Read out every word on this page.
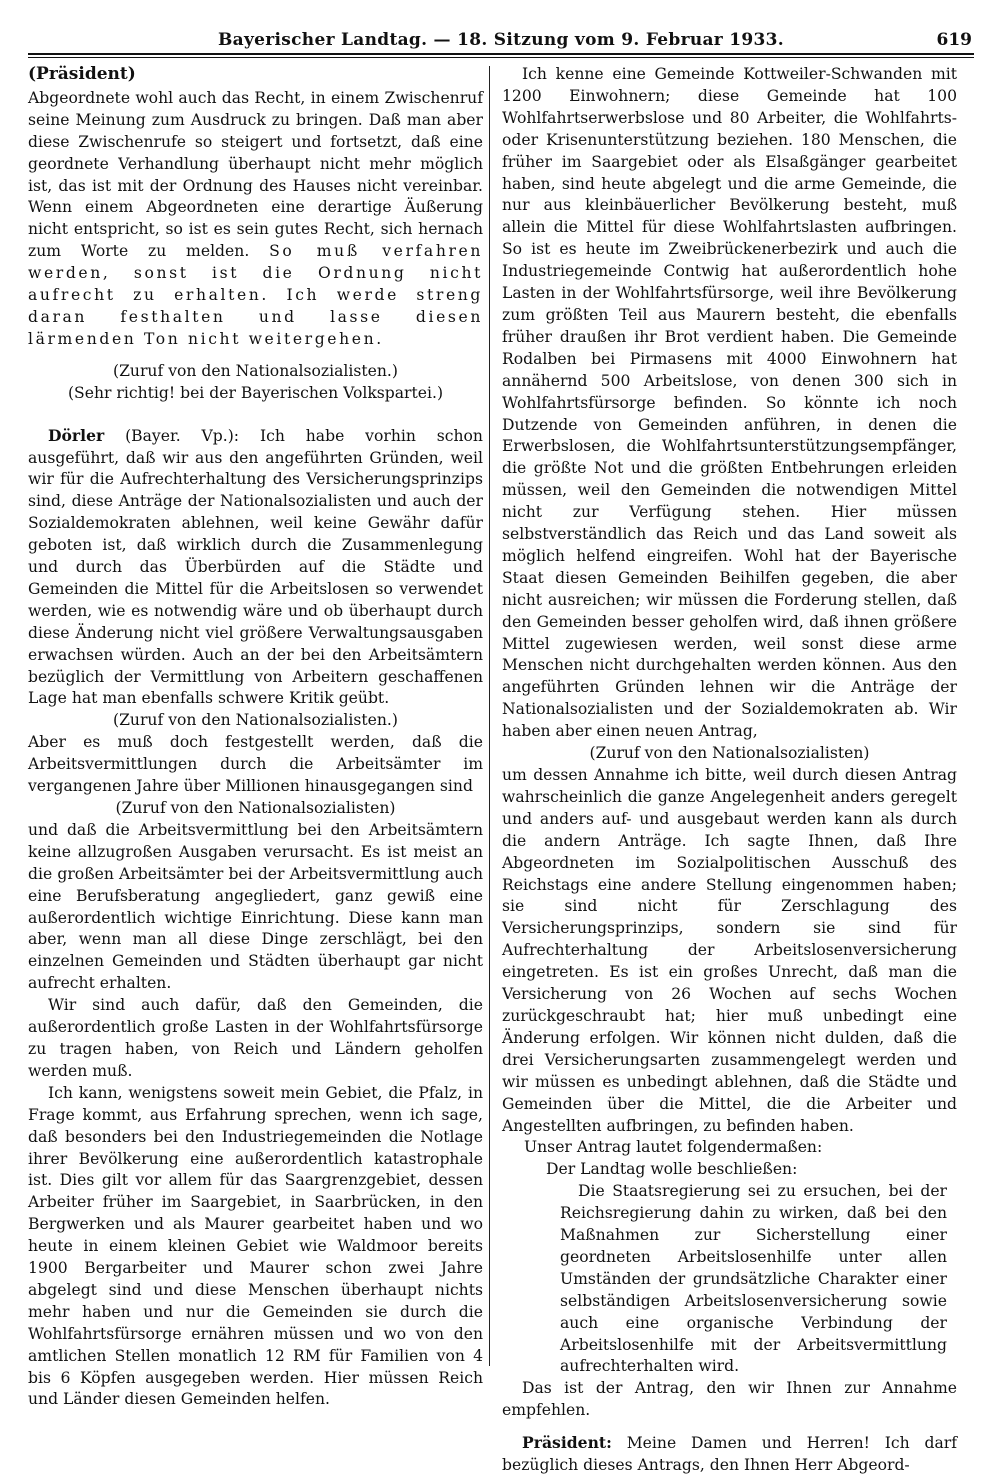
Bayerischer Landtag. — 18. Sitzung vom 9. Februar 1933.	619

(Präsident)

Abgeordnete wohl auch das Recht, in einem Zwischenruf seine Meinung zum Ausdruck zu bringen. Daß man aber diese Zwischenrufe so steigert und fortsetzt, daß eine geordnete Verhandlung überhaupt nicht mehr möglich ist, das ist mit der Ordnung des Hauses nicht vereinbar. Wenn einem Abgeordneten eine derartige Äußerung nicht entspricht, so ist es sein gutes Recht, sich hernach zum Worte zu melden. So muß verfahren werden, sonst ist die Ordnung nicht aufrecht zu erhalten. Ich werde streng daran festhalten und lasse diesen lärmenden Ton nicht weitergehen.

(Zuruf von den Nationalsozialisten.)

(Sehr richtig! bei der Bayerischen Volkspartei.)

Dörler (Bayer. Vp.): Ich habe vorhin schon ausgeführt, daß wir aus den angeführten Gründen, weil wir für die Aufrechterhaltung des Versicherungsprinzips sind, diese Anträge der Nationalsozialisten und auch der Sozialdemokraten ablehnen, weil keine Gewähr dafür geboten ist, daß wirklich durch die Zusammenlegung und durch das Überbürden auf die Städte und Gemeinden die Mittel für die Arbeitslosen so verwendet werden, wie es notwendig wäre und ob überhaupt durch diese Änderung nicht viel größere Verwaltungsausgaben erwachsen würden. Auch an der bei den Arbeitsämtern bezüglich der Vermittlung von Arbeitern geschaffenen Lage hat man ebenfalls schwere Kritik geübt.

(Zuruf von den Nationalsozialisten.)

Aber es muß doch festgestellt werden, daß die Arbeitsvermittlungen durch die Arbeitsämter im vergangenen Jahre über Millionen hinausgegangen sind

(Zuruf von den Nationalsozialisten)

und daß die Arbeitsvermittlung bei den Arbeitsämtern keine allzugroßen Ausgaben verursacht. Es ist meist an die großen Arbeitsämter bei der Arbeitsvermittlung auch eine Berufsberatung angegliedert, ganz gewiß eine außerordentlich wichtige Einrichtung. Diese kann man aber, wenn man all diese Dinge zerschlägt, bei den einzelnen Gemeinden und Städten überhaupt gar nicht aufrecht erhalten.

Wir sind auch dafür, daß den Gemeinden, die außerordentlich große Lasten in der Wohlfahrtsfürsorge zu tragen haben, von Reich und Ländern geholfen werden muß.

Ich kann, wenigstens soweit mein Gebiet, die Pfalz, in Frage kommt, aus Erfahrung sprechen, wenn ich sage, daß besonders bei den Industriegemeinden die Notlage ihrer Bevölkerung eine außerordentlich katastrophale ist. Dies gilt vor allem für das Saargrenzgebiet, dessen Arbeiter früher im Saargebiet, in Saarbrücken, in den Bergwerken und als Maurer gearbeitet haben und wo heute in einem kleinen Gebiet wie Waldmoor bereits 1900 Bergarbeiter und Maurer schon zwei Jahre abgelegt sind und diese Menschen überhaupt nichts mehr haben und nur die Gemeinden sie durch die Wohlfahrtsfürsorge ernähren müssen und wo von den amtlichen Stellen monatlich 12 RM für Familien von 4 bis 6 Köpfen ausgegeben werden. Hier müssen Reich und Länder diesen Gemeinden helfen.

Ich kenne eine Gemeinde Kottweiler-Schwanden mit 1200 Einwohnern; diese Gemeinde hat 100 Wohlfahrtserwerbslose und 80 Arbeiter, die Wohlfahrts- oder Krisenunterstützung beziehen. 180 Menschen, die früher im Saargebiet oder als Elsaßgänger gearbeitet haben, sind heute abgelegt und die arme Gemeinde, die nur aus kleinbäuerlicher Bevölkerung besteht, muß allein die Mittel für diese Wohlfahrtslasten aufbringen. So ist es heute im Zweibrückenerbezirk und auch die Industriegemeinde Contwig hat außerordentlich hohe Lasten in der Wohlfahrtsfürsorge, weil ihre Bevölkerung zum größten Teil aus Maurern besteht, die ebenfalls früher draußen ihr Brot verdient haben. Die Gemeinde Rodalben bei Pirmasens mit 4000 Einwohnern hat annähernd 500 Arbeitslose, von denen 300 sich in Wohlfahrtsfürsorge befinden. So könnte ich noch Dutzende von Gemeinden anführen, in denen die Erwerbslosen, die Wohlfahrtsunterstützungsempfänger, die größte Not und die größten Entbehrungen erleiden müssen, weil den Gemeinden die notwendigen Mittel nicht zur Verfügung stehen. Hier müssen selbstverständlich das Reich und das Land soweit als möglich helfend eingreifen. Wohl hat der Bayerische Staat diesen Gemeinden Beihilfen gegeben, die aber nicht ausreichen; wir müssen die Forderung stellen, daß den Gemeinden besser geholfen wird, daß ihnen größere Mittel zugewiesen werden, weil sonst diese arme Menschen nicht durchgehalten werden können. Aus den angeführten Gründen lehnen wir die Anträge der Nationalsozialisten und der Sozialdemokraten ab. Wir haben aber einen neuen Antrag,

(Zuruf von den Nationalsozialisten)

um dessen Annahme ich bitte, weil durch diesen Antrag wahrscheinlich die ganze Angelegenheit anders geregelt und anders auf- und ausgebaut werden kann als durch die andern Anträge. Ich sagte Ihnen, daß Ihre Abgeordneten im Sozialpolitischen Ausschuß des Reichstags eine andere Stellung eingenommen haben; sie sind nicht für Zerschlagung des Versicherungsprinzips, sondern sie sind für Aufrechterhaltung der Arbeitslosenversicherung eingetreten. Es ist ein großes Unrecht, daß man die Versicherung von 26 Wochen auf sechs Wochen zurückgeschraubt hat; hier muß unbedingt eine Änderung erfolgen. Wir können nicht dulden, daß die drei Versicherungsarten zusammengelegt werden und wir müssen es unbedingt ablehnen, daß die Städte und Gemeinden über die Mittel, die die Arbeiter und Angestellten aufbringen, zu befinden haben.

Unser Antrag lautet folgendermaßen:

Der Landtag wolle beschließen:

Die Staatsregierung sei zu ersuchen, bei der Reichsregierung dahin zu wirken, daß bei den Maßnahmen zur Sicherstellung einer geordneten Arbeitslosenhilfe unter allen Umständen der grundsätzliche Charakter einer selbständigen Arbeitslosenversicherung sowie auch eine organische Verbindung der Arbeitslosenhilfe mit der Arbeitsvermittlung aufrechterhalten wird.

Das ist der Antrag, den wir Ihnen zur Annahme empfehlen.

Präsident: Meine Damen und Herren! Ich darf bezüglich dieses Antrags, den Ihnen Herr Abgeord-
